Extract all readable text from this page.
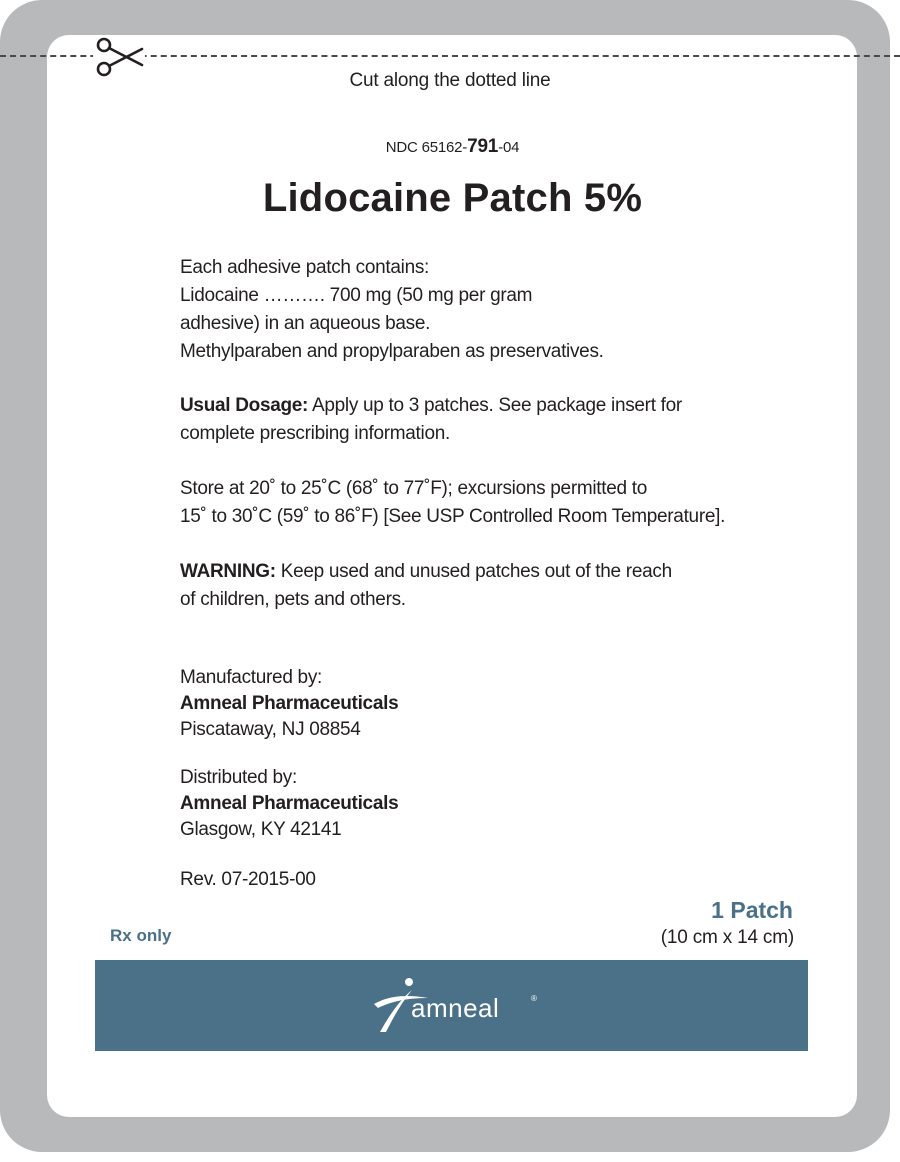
Cut along the dotted line
NDC 65162-791-04
Lidocaine Patch 5%
Each adhesive patch contains:
Lidocaine ………. 700 mg (50 mg per gram
adhesive) in an aqueous base.
Methylparaben and propylparaben as preservatives.
Usual Dosage: Apply up to 3 patches. See package insert for
complete prescribing information.
Store at 20˚ to 25˚C (68˚ to 77˚F); excursions permitted to
15˚ to 30˚C (59˚ to 86˚F) [See USP Controlled Room Temperature].
WARNING: Keep used and unused patches out of the reach
of children, pets and others.
Manufactured by:
Amneal Pharmaceuticals
Piscataway, NJ 08854
Distributed by:
Amneal Pharmaceuticals
Glasgow, KY 42141
Rev. 07-2015-00
Rx only
1 Patch
(10 cm x 14 cm)
amneal	®
